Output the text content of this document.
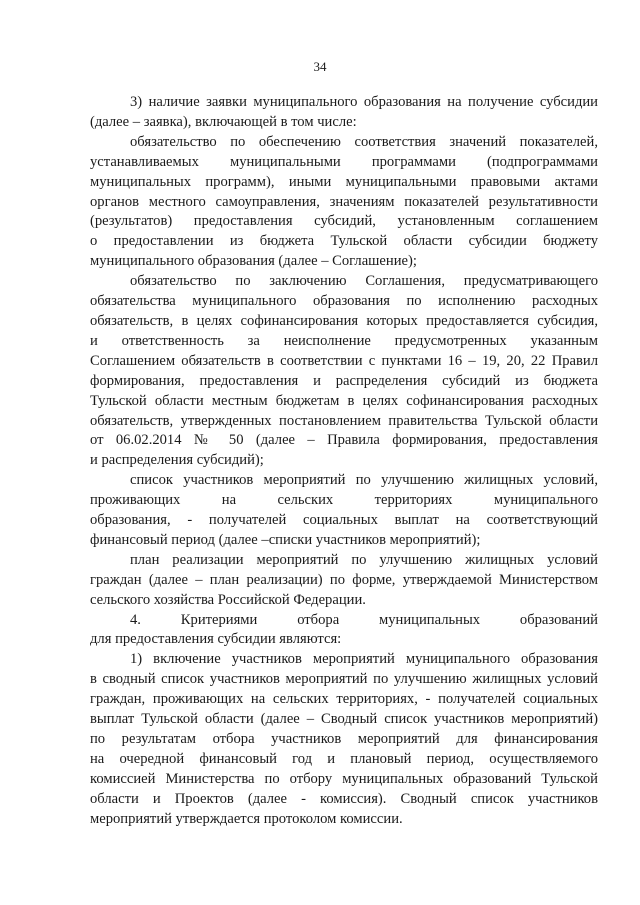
34
3) наличие заявки муниципального образования на получение субсидии
(далее – заявка), включающей в том числе:
обязательство по обеспечению соответствия значений показателей,
устанавливаемых муниципальными программами (подпрограммами
муниципальных программ), иными муниципальными правовыми актами
органов местного самоуправления, значениям показателей результативности
(результатов) предоставления субсидий, установленным соглашением
о предоставлении из бюджета Тульской области субсидии бюджету
муниципального образования (далее – Соглашение);
обязательство по заключению Соглашения, предусматривающего
обязательства муниципального образования по исполнению расходных
обязательств, в целях софинансирования которых предоставляется субсидия,
и ответственность за неисполнение предусмотренных указанным
Соглашением обязательств в соответствии с пунктами 16 – 19, 20, 22 Правил
формирования, предоставления и распределения субсидий из бюджета
Тульской области местным бюджетам в целях софинансирования расходных
обязательств, утвержденных постановлением правительства Тульской области
от 06.02.2014 № 50 (далее – Правила формирования, предоставления
и распределения субсидий);
список участников мероприятий по улучшению жилищных условий,
проживающих на сельских территориях муниципального
образования, - получателей социальных выплат на соответствующий
финансовый период (далее –списки участников мероприятий);
план реализации мероприятий по улучшению жилищных условий
граждан (далее – план реализации) по форме, утверждаемой Министерством
сельского хозяйства Российской Федерации.
4. Критериями отбора муниципальных образований
для предоставления субсидии являются:
1) включение участников мероприятий муниципального образования
в сводный список участников мероприятий по улучшению жилищных условий
граждан, проживающих на сельских территориях, - получателей социальных
выплат Тульской области (далее – Сводный список участников мероприятий)
по результатам отбора участников мероприятий для финансирования
на очередной финансовый год и плановый период, осуществляемого
комиссией Министерства по отбору муниципальных образований Тульской
области и Проектов (далее - комиссия). Сводный список участников
мероприятий утверждается протоколом комиссии.
